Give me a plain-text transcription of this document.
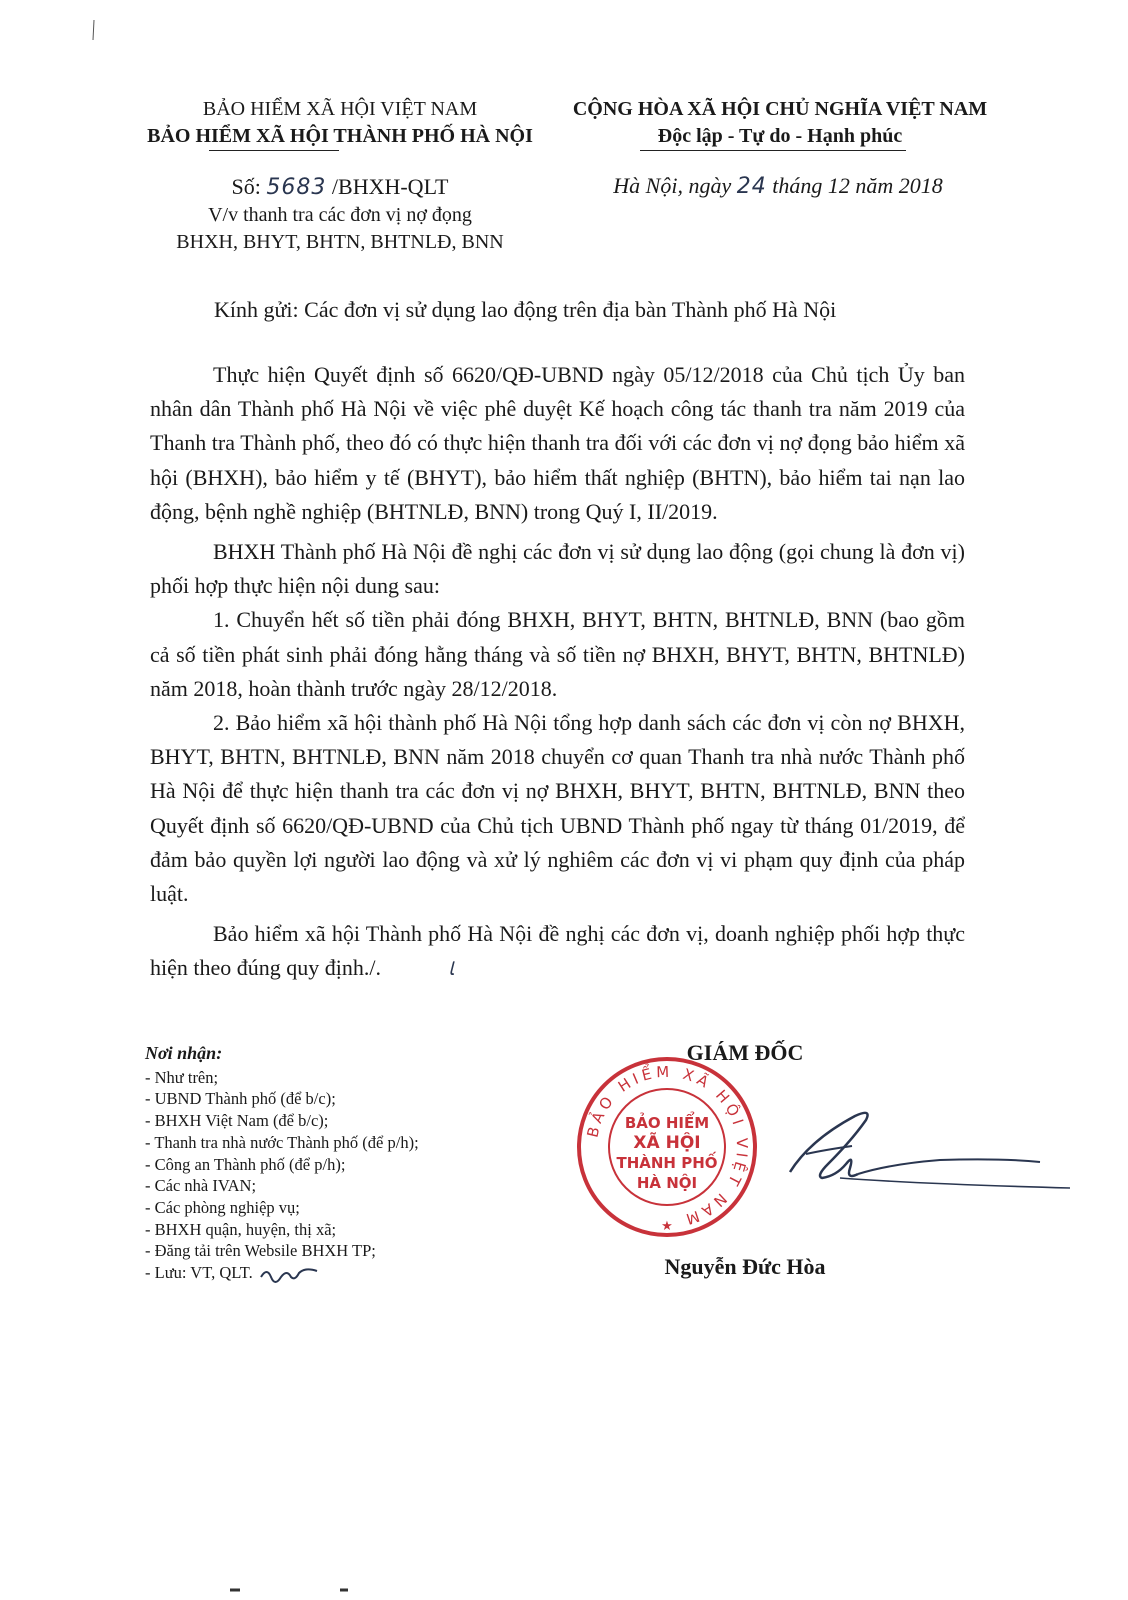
BẢO HIỂM XÃ HỘI VIỆT NAM
BẢO HIỂM XÃ HỘI THÀNH PHỐ HÀ NỘI
Số: 5683 /BHXH-QLT
V/v thanh tra các đơn vị nợ đọng
BHXH, BHYT, BHTN, BHTNLĐ, BNN
CỘNG HÒA XÃ HỘI CHỦ NGHĨA VIỆT NAM
Độc lập - Tự do - Hạnh phúc
Hà Nội, ngày 24 tháng 12 năm 2018
Kính gửi: Các đơn vị sử dụng lao động trên địa bàn Thành phố Hà Nội

Thực hiện Quyết định số 6620/QĐ-UBND ngày 05/12/2018 của Chủ tịch Ủy ban nhân dân Thành phố Hà Nội về việc phê duyệt Kế hoạch công tác thanh tra năm 2019 của Thanh tra Thành phố, theo đó có thực hiện thanh tra đối với các đơn vị nợ đọng bảo hiểm xã hội (BHXH), bảo hiểm y tế (BHYT), bảo hiểm thất nghiệp (BHTN), bảo hiểm tai nạn lao động, bệnh nghề nghiệp (BHTNLĐ, BNN) trong Quý I, II/2019.

BHXH Thành phố Hà Nội đề nghị các đơn vị sử dụng lao động (gọi chung là đơn vị) phối hợp thực hiện nội dung sau:

1. Chuyển hết số tiền phải đóng BHXH, BHYT, BHTN, BHTNLĐ, BNN (bao gồm cả số tiền phát sinh phải đóng hằng tháng và số tiền nợ BHXH, BHYT, BHTN, BHTNLĐ) năm 2018, hoàn thành trước ngày 28/12/2018.

2. Bảo hiểm xã hội thành phố Hà Nội tổng hợp danh sách các đơn vị còn nợ BHXH, BHYT, BHTN, BHTNLĐ, BNN năm 2018 chuyển cơ quan Thanh tra nhà nước Thành phố Hà Nội để thực hiện thanh tra các đơn vị nợ BHXH, BHYT, BHTN, BHTNLĐ, BNN theo Quyết định số 6620/QĐ-UBND của Chủ tịch UBND Thành phố ngay từ tháng 01/2019, để đảm bảo quyền lợi người lao động và xử lý nghiêm các đơn vị vi phạm quy định của pháp luật.

Bảo hiểm xã hội Thành phố Hà Nội đề nghị các đơn vị, doanh nghiệp phối hợp thực hiện theo đúng quy định./.	ﺎ

Nơi nhận:
- Như trên;
- UBND Thành phố (để b/c);
- BHXH Việt Nam (để b/c);
- Thanh tra nhà nước Thành phố (để p/h);
- Công an Thành phố (để p/h);
- Các nhà IVAN;
- Các phòng nghiệp vụ;
- BHXH quận, huyện, thị xã;
- Đăng tải trên Websile BHXH TP;
- Lưu: VT, QLT.
GIÁM ĐỐC
BẢO HIỂM XÃ HỘI VIỆT NAM
BẢO HIỂM
XÃ HỘI
THÀNH PHỐ
HÀ NỘI
★
Nguyễn Đức Hòa
